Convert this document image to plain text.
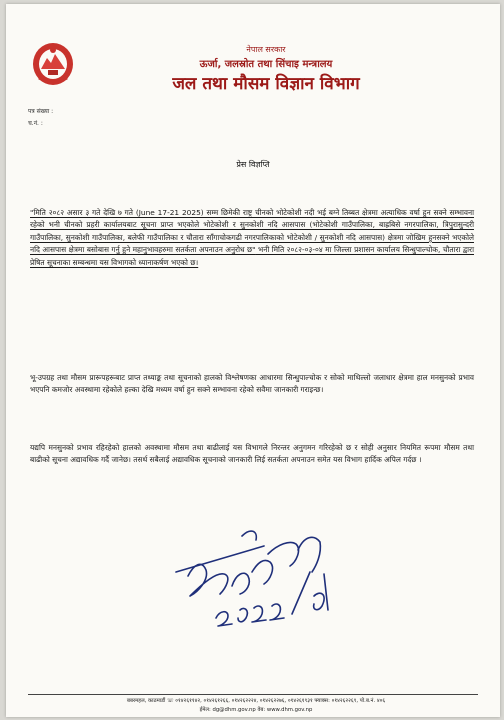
नेपाल सरकार
ऊर्जा, जलस्रोत तथा सिंचाइ मन्त्रालय
जल तथा मौसम विज्ञान विभाग
पत्र संख्या :
च.नं. :
प्रेस विज्ञप्ति

"मिति २०८२ असार ३ गते देखि ७ गते (June 17-21 2025) सम्म छिमेकी राष्ट्र चीनको भोटेकोशी नदी भई बग्ने तिब्बत क्षेत्रमा अत्याधिक वर्षा हुन सक्ने सम्भावना रहेको भनी चीनको प्रहरी कार्यालयबाट सूचना प्राप्त भएकोले भोटेकोशी र सुनकोशी नदि आसपास (भोटेकोशी गाउँपालिका, बाह्रबिसे नगरपालिका, त्रिपुरासुन्दरी गाउँपालिका, सुनकोशी गाउँपालिका, बलेफी गाउँपालिका र चौतारा साँगाचोकगढी नगरपालिकाको भोटेकोशी / सुनकोशी नदि आसपास) क्षेत्रमा जोखिम हुनसक्ने भएकोले नदि आसपास क्षेत्रमा बसोबास गर्नु हुने महानुभावहरुमा सतर्कता अपनाउन अनुरोध छ" भनी मिति २०८२-०३-०४ मा जिल्ला प्रशासन कार्यालय सिन्धुपाल्चोक, चौतारा द्वारा प्रेषित सूचनाका सम्बन्धमा यस विभागको ध्यानाकर्षण भएको छ।

भू-उपग्रह तथा मौसम प्रारूपहरूबाट प्राप्त तथ्याङ्क तथा सूचनाको हालको विश्लेषणका आधारमा सिन्धुपाल्चोक र सोको माथिल्लो जलाधार क्षेत्रमा हाल मनसुनको प्रभाव भएपनि कमजोर अवस्थामा रहेकोले हल्का देखि मध्यम वर्षा हुन सक्ने सम्भावना रहेको सवैमा जानकारी गराइन्छ।

यद्यपि मनसुनको प्रभाव रहिरहेको हालको अवस्थामा मौसम तथा बाढीलाई यस विभागले निरन्तर अनुगमन गरिरहेको छ र सोही अनुसार नियमित रूपमा मौसम तथा बाढीको सूचना अद्यावधिक गर्दै जानेछ। तसर्थ सबैलाई अद्यावधिक सूचनाको जानकारी लिई सतर्कता अपनाउन समेत यस विभाग हार्दिक अपिल गर्दछ ।

बबरमहल, काठमाडौं ☏ ०१४२६११४२, ०१४२६१२६६, ०१४२६२२२४, ०१४२६२२७६, ०१४२६१९३१ फ्याक्स: ०१४२६२२६९, पो.ब.नं. ४०६
ईमेल: dg@dhm.gov.np वेब: www.dhm.gov.np
